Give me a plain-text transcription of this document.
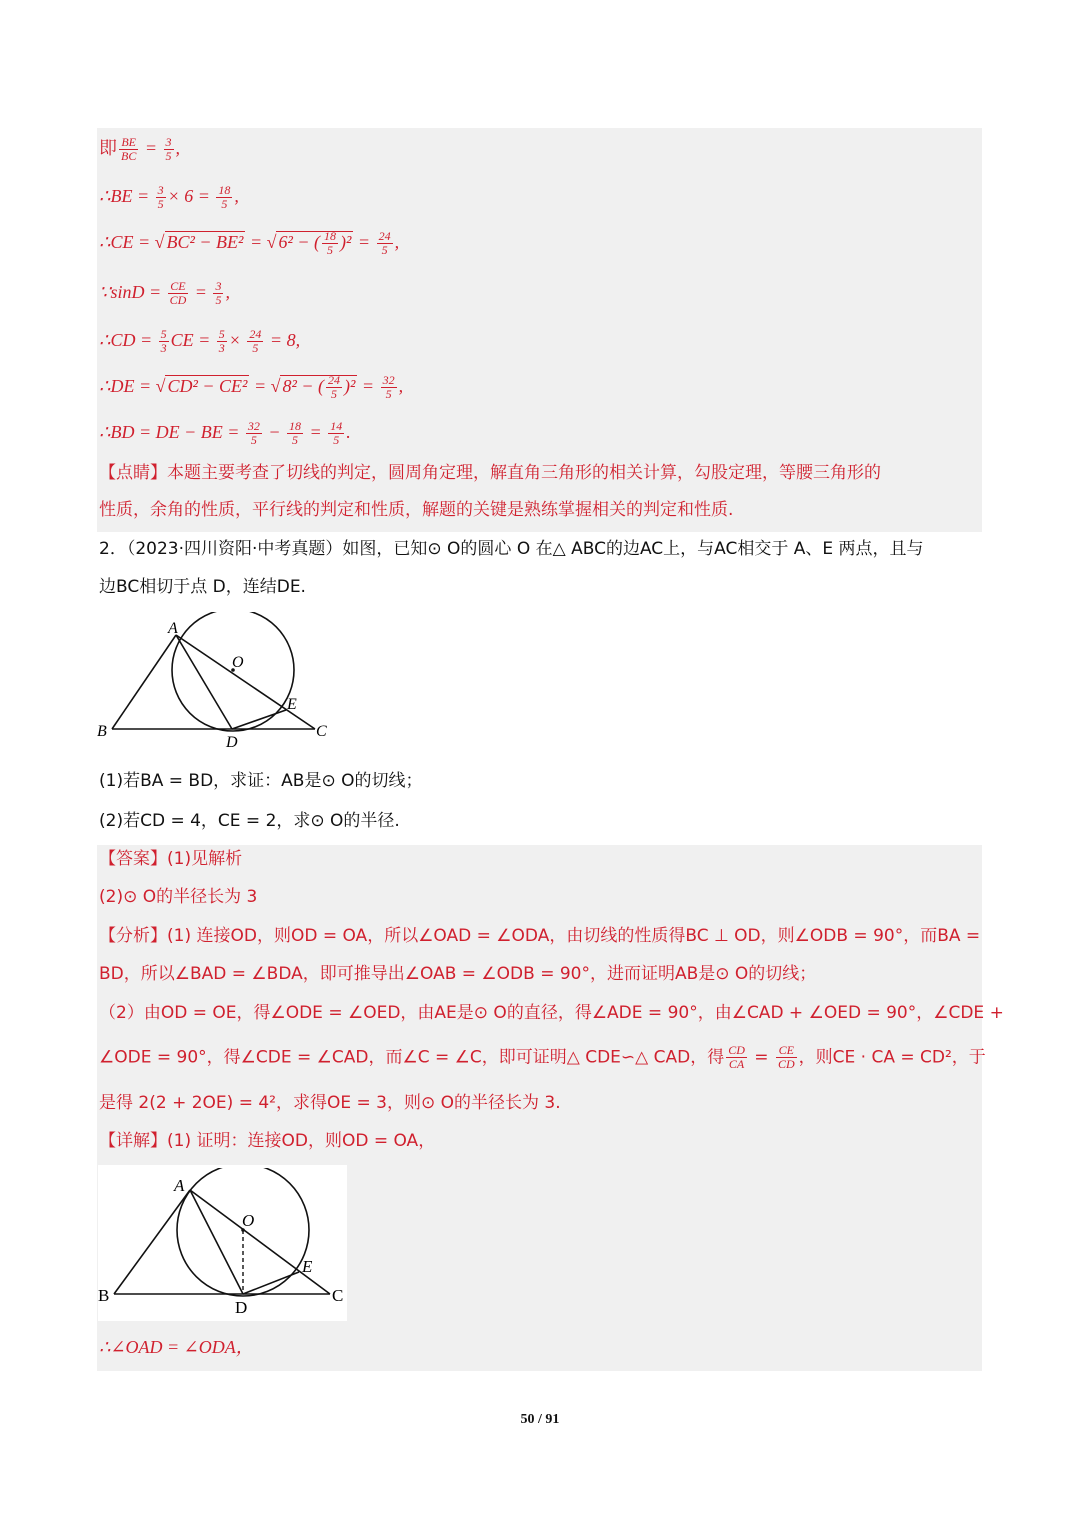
即 $\frac{BE}{BC} = \frac{3}{5}$ ,
∴BE = $\frac{3}{5} \times 6 = \frac{18}{5}$ ,
∴CE = √ BC² − BE² = √ 6² − ( $\frac{18}{5} )^2 = \frac{24}{5}$ ,
∵sinD = $\frac{CE}{CD} = \frac{3}{5}$ ,
∴CD = $\frac{5}{3}$ CE = $\frac{5}{3} \times \frac{24}{5} = 8$,
∴DE = √ CD² − CE² = √ 8² − ( $\frac{24}{5} )^2 = \frac{32}{5}$ ,
∴BD = DE − BE = $\frac{32}{5} - \frac{18}{5} = \frac{14}{5}$ .
【点睛】本题主要考查了切线的判定，圆周角定理，解直角三角形的相关计算，勾股定理，等腰三角形的
性质，余角的性质，平行线的判定和性质，解题的关键是熟练掌握相关的判定和性质.
2．（2023·四川资阳·中考真题）如图，已知⊙ O的圆心 O 在△ ABC的边AC上，与AC相交于 A、E 两点，且与
边BC相切于点 D，连结DE.
A
O
E
B
D
C
(1)若BA = BD，求证：AB是⊙ O的切线；
(2)若CD = 4，CE = 2，求⊙ O的半径.
【答案】(1)见解析
(2)⊙ O的半径长为 3
【分析】(1) 连接OD，则OD = OA，所以∠OAD = ∠ODA，由切线的性质得BC ⊥ OD，则∠ODB = 90°，而BA =
BD，所以∠BAD = ∠BDA，即可推导出∠OAB = ∠ODB = 90°，进而证明AB是⊙ O的切线；
（2）由OD = OE，得∠ODE = ∠OED，由AE是⊙ O的直径，得∠ADE = 90°，由∠CAD + ∠OED = 90°，∠CDE +
∠ODE = 90°，得∠CDE = ∠CAD，而∠C = ∠C，即可证明△ CDE∽△ CAD，得 $\frac{CD}{CA} = \frac{CE}{CD}$ ，则CE · CA = CD²，于
是得 2(2 + 2OE) = 4²，求得OE = 3，则⊙ O的半径长为 3.
【详解】(1) 证明：连接OD，则OD = OA，
A
O
E
B
D
C
∴∠OAD = ∠ODA，
50 / 91
